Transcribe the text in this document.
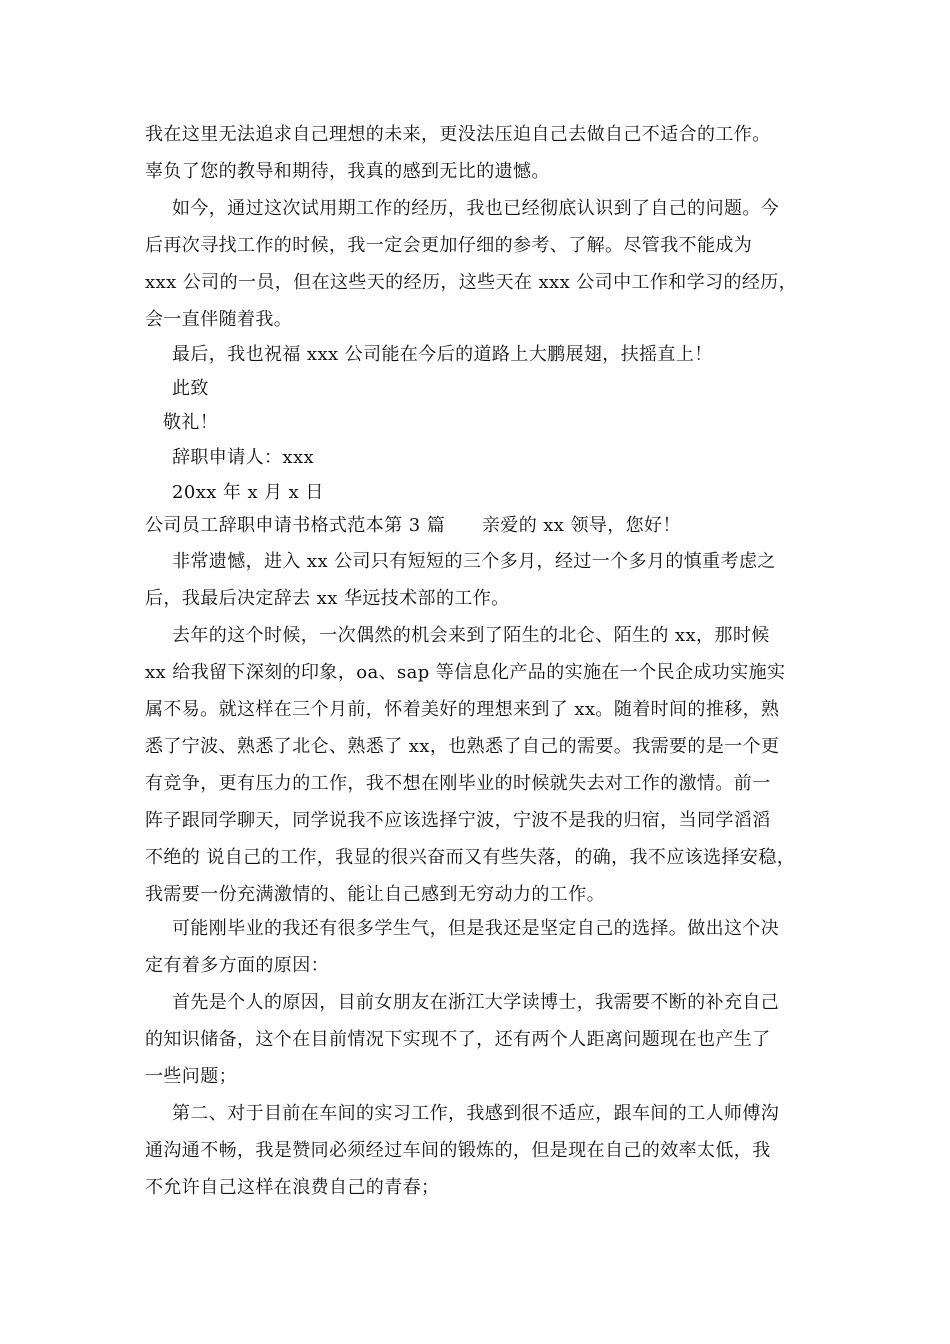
我在这里无法追求自己理想的未来，更没法压迫自己去做自己不适合的工作。
辜负了您的教导和期待，我真的感到无比的遗憾。
如今，通过这次试用期工作的经历，我也已经彻底认识到了自己的问题。今
后再次寻找工作的时候，我一定会更加仔细的参考、了解。尽管我不能成为
xxx 公司的一员，但在这些天的经历，这些天在 xxx 公司中工作和学习的经历，
会一直伴随着我。
最后，我也祝福 xxx 公司能在今后的道路上大鹏展翅，扶摇直上！
此致
敬礼！
辞职申请人：xxx
20xx 年 x 月 x 日
公司员工辞职申请书格式范本第 3 篇　　亲爱的 xx 领导，您好！
非常遗憾，进入 xx 公司只有短短的三个多月，经过一个多月的慎重考虑之
后，我最后决定辞去 xx 华远技术部的工作。
去年的这个时候，一次偶然的机会来到了陌生的北仑、陌生的 xx，那时候
xx 给我留下深刻的印象，oa、sap 等信息化产品的实施在一个民企成功实施实
属不易。就这样在三个月前，怀着美好的理想来到了 xx。随着时间的推移，熟
悉了宁波、熟悉了北仑、熟悉了 xx，也熟悉了自己的需要。我需要的是一个更
有竞争，更有压力的工作，我不想在刚毕业的时候就失去对工作的激情。前一
阵子跟同学聊天，同学说我不应该选择宁波，宁波不是我的归宿，当同学滔滔
不绝的 说自己的工作，我显的很兴奋而又有些失落，的确，我不应该选择安稳，
我需要一份充满激情的、能让自己感到无穷动力的工作。
可能刚毕业的我还有很多学生气，但是我还是坚定自己的选择。做出这个决
定有着多方面的原因：
首先是个人的原因，目前女朋友在浙江大学读博士，我需要不断的补充自己
的知识储备，这个在目前情况下实现不了，还有两个人距离问题现在也产生了
一些问题；
第二、对于目前在车间的实习工作，我感到很不适应，跟车间的工人师傅沟
通沟通不畅，我是赞同必须经过车间的锻炼的，但是现在自己的效率太低，我
不允许自己这样在浪费自己的青春；
